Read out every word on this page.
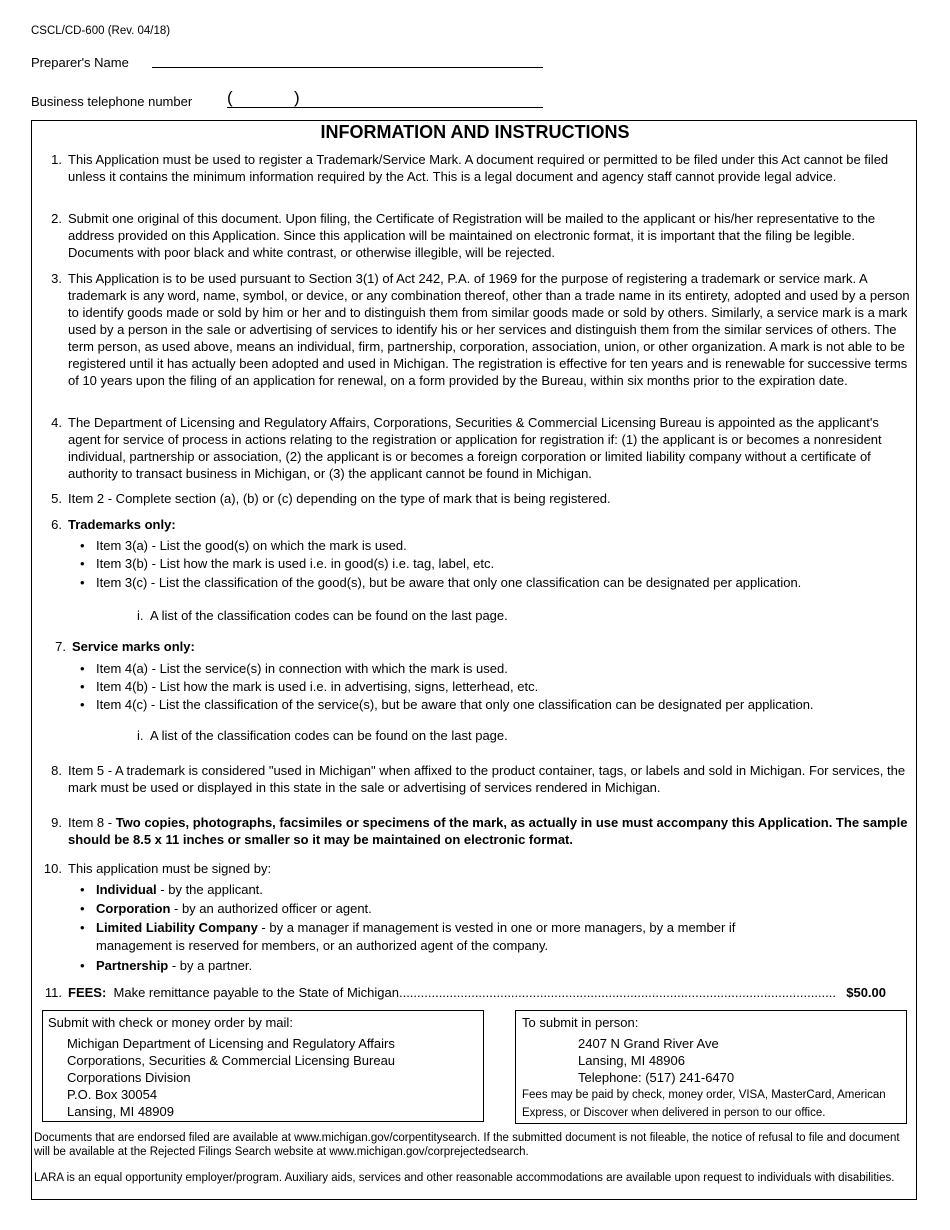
CSCL/CD-600 (Rev. 04/18)
Preparer's Name
Business telephone number (	)
INFORMATION AND INSTRUCTIONS
1. This Application must be used to register a Trademark/Service Mark. A document required or permitted to be filed under this Act cannot be filed unless it contains the minimum information required by the Act. This is a legal document and agency staff cannot provide legal advice.
2. Submit one original of this document. Upon filing, the Certificate of Registration will be mailed to the applicant or his/her representative to the address provided on this Application. Since this application will be maintained on electronic format, it is important that the filing be legible. Documents with poor black and white contrast, or otherwise illegible, will be rejected.
3. This Application is to be used pursuant to Section 3(1) of Act 242, P.A. of 1969 for the purpose of registering a trademark or service mark. A trademark is any word, name, symbol, or device, or any combination thereof, other than a trade name in its entirety, adopted and used by a person to identify goods made or sold by him or her and to distinguish them from similar goods made or sold by others. Similarly, a service mark is a mark used by a person in the sale or advertising of services to identify his or her services and distinguish them from the similar services of others. The term person, as used above, means an individual, firm, partnership, corporation, association, union, or other organization. A mark is not able to be registered until it has actually been adopted and used in Michigan. The registration is effective for ten years and is renewable for successive terms of 10 years upon the filing of an application for renewal, on a form provided by the Bureau, within six months prior to the expiration date.
4. The Department of Licensing and Regulatory Affairs, Corporations, Securities & Commercial Licensing Bureau is appointed as the applicant's agent for service of process in actions relating to the registration or application for registration if: (1) the applicant is or becomes a nonresident individual, partnership or association, (2) the applicant is or becomes a foreign corporation or limited liability company without a certificate of authority to transact business in Michigan, or (3) the applicant cannot be found in Michigan.
5. Item 2 - Complete section (a), (b) or (c) depending on the type of mark that is being registered.
6. Trademarks only:
• Item 3(a) - List the good(s) on which the mark is used.
• Item 3(b) - List how the mark is used i.e. in good(s) i.e. tag, label, etc.
• Item 3(c) - List the classification of the good(s), but be aware that only one classification can be designated per application.
i. A list of the classification codes can be found on the last page.
7. Service marks only:
• Item 4(a) - List the service(s) in connection with which the mark is used.
• Item 4(b) - List how the mark is used i.e. in advertising, signs, letterhead, etc.
• Item 4(c) - List the classification of the service(s), but be aware that only one classification can be designated per application.
i. A list of the classification codes can be found on the last page.
8. Item 5 - A trademark is considered "used in Michigan" when affixed to the product container, tags, or labels and sold in Michigan. For services, the mark must be used or displayed in this state in the sale or advertising of services rendered in Michigan.
9. Item 8 - Two copies, photographs, facsimiles or specimens of the mark, as actually in use must accompany this Application. The sample should be 8.5 x 11 inches or smaller so it may be maintained on electronic format.
10. This application must be signed by:
• Individual - by the applicant.
• Corporation - by an authorized officer or agent.
• Limited Liability Company - by a manager if management is vested in one or more managers, by a member if management is reserved for members, or an authorized agent of the company.
• Partnership - by a partner.
11. FEES: Make remittance payable to the State of Michigan......................................................................................................................... $50.00
Submit with check or money order by mail:
Michigan Department of Licensing and Regulatory Affairs
Corporations, Securities & Commercial Licensing Bureau
Corporations Division
P.O. Box 30054
Lansing, MI 48909
To submit in person:
2407 N Grand River Ave
Lansing, MI 48906
Telephone: (517) 241-6470
Fees may be paid by check, money order, VISA, MasterCard, American
Express, or Discover when delivered in person to our office.
Documents that are endorsed filed are available at www.michigan.gov/corpentitysearch. If the submitted document is not fileable, the notice of refusal to file and document will be available at the Rejected Filings Search website at www.michigan.gov/corprejectedsearch.
LARA is an equal opportunity employer/program. Auxiliary aids, services and other reasonable accommodations are available upon request to individuals with disabilities.
